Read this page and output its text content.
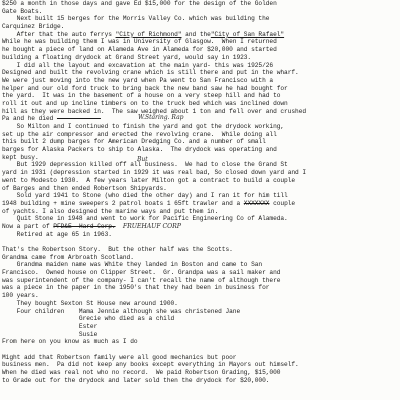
$250 a month in those days and gave Ed $15,000 for the design of the Golden
Gate Boats.
Next built 15 berges for the Morris Valley Co. which was building the
Carquinez Bridge.
After that the auto ferrys "City of Richmond" and the"City of San Rafael"
While he was building them I was in University of Glasgow.  When I returned
he bought a piece of land on Alameda Ave in Alameda for $20,000 and started
building a floating drydock at Grand Street yard, would say in 1923.
I did all the layout and excavation at the main yard- this was 1925/26
Designed and built the revolving crane which is still there and put in the wharf.
We were just moving into the new yard when Pa went to San Francisco with a
helper and our old ford truck to bring back the new band saw he had bought for
the yard.  It was in the basement of a house on a very steep hill and had to
roll it out and up incline timbers on to the truck bed which was inclined down
hill as they were backed in.  The saw weighed about 1 ton and fell over and crushed
Pa and he died
So Milton and I continued to finish the yard and got the drydock working,
set up the air compressor and erected the revolving crane.  While doing all
this built 2 dump barges for American Dredging Co. and a number of small
barges for Alaska Packers to ship to Alaska.  The drydock was operating and
kept busy.
But 1929 depression killed off all business.  We had to close the Grand St
yard in 1931 (depression started in 1929 it was real bad, So closed down yard and I
went to Modesto 1930.  A few years later Milton got a contract to build a couple
of Barges and then ended Robertson Shipyards.
Sold yard 1941 to Stone (who died the other day) and I ran it for him till
1948 building + mine sweepers 2 patrol boats 1 65ft trawler and a XXXXXXX couple
of yachts. I also designed the marine ways and put them in.
Quit Stone in 1948 and went to work for Pacific Engineering Co of Alameda.
Now a part of PFD&E  Hard Corp. FRUEHAUF CORP
Retired at age 65 in 1963.

That's the Robertson Story.  But the other half was the Scotts.
Grandma came from Arbroath Scotland.
Grandma maiden name was White they landed in Boston and came to San
Francisco.  Owned house on Clipper Street.  Gr. Grandpa was a sail maker and
was superintendent of the company- I can't recall the name of although there
was a piece in the paper in the 1950's that they had been in business for
100 years.
They bought Sexton St House new around 1900.
Four children    Mama Jennie although she was christened Jane
Grecie who died as a child
Ester
Susie
From here on you know as much as I do

Might add that Robertson family were all good mechanics but poor
business men.  Pa did not keep any books except everything in Mayors out himself.
When he died was real not who no record.  We paid Robertson Grading, $15,000
to Grade out for the drydock and later sold then the drydock for $20,000.
W.Staring. Rap
But
